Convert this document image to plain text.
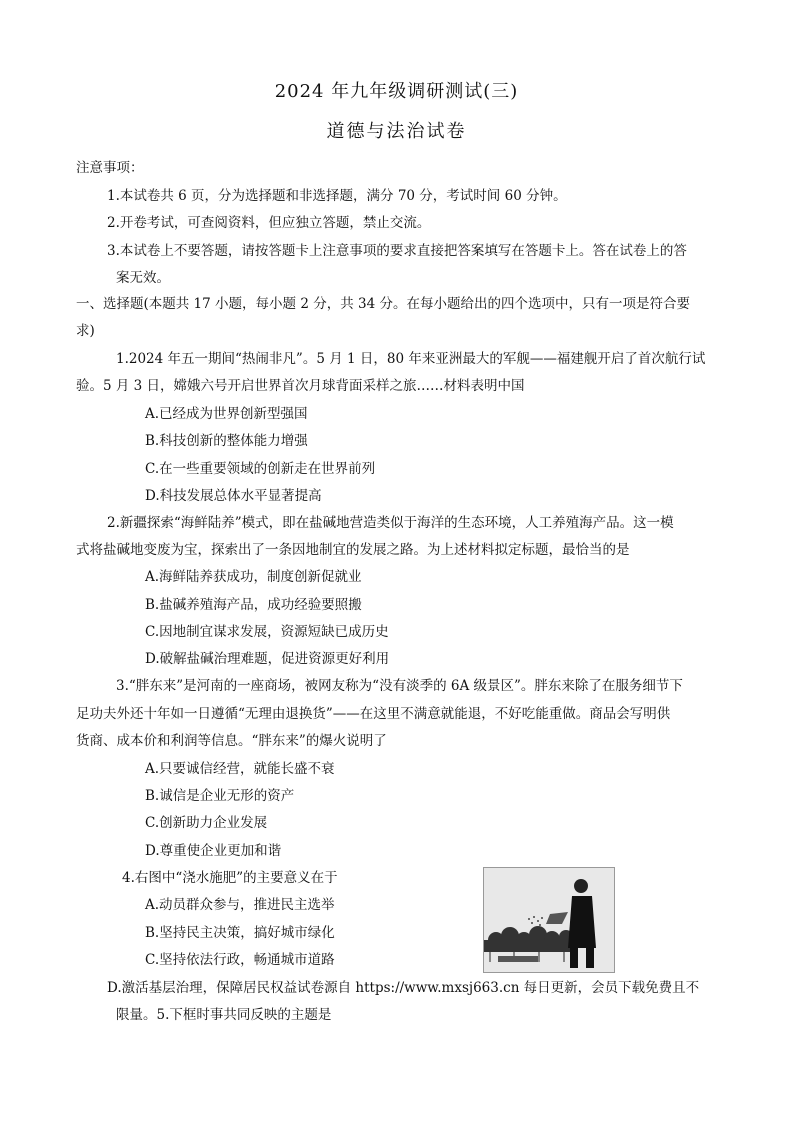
2024 年九年级调研测试(三)
道德与法治试卷
注意事项：
1.本试卷共 6 页，分为选择题和非选择题，满分 70 分，考试时间 60 分钟。
2.开卷考试，可查阅资料，但应独立答题，禁止交流。
3.本试卷上不要答题，请按答题卡上注意事项的要求直接把答案填写在答题卡上。答在试卷上的答
案无效。
一、选择题(本题共 17 小题，每小题 2 分，共 34 分。在每小题给出的四个选项中，只有一项是符合要
求)
1.2024 年五一期间“热闹非凡”。5 月 1 日，80 年来亚洲最大的军舰——福建舰开启了首次航行试
验。5 月 3 日，嫦娥六号开启世界首次月球背面采样之旅……材料表明中国
A.已经成为世界创新型强国
B.科技创新的整体能力增强
C.在一些重要领域的创新走在世界前列
D.科技发展总体水平显著提高
2.新疆探索“海鲜陆养”模式，即在盐碱地营造类似于海洋的生态环境，人工养殖海产品。这一模
式将盐碱地变废为宝，探索出了一条因地制宜的发展之路。为上述材料拟定标题，最恰当的是
A.海鲜陆养获成功，制度创新促就业
B.盐碱养殖海产品，成功经验要照搬
C.因地制宜谋求发展，资源短缺已成历史
D.破解盐碱治理难题，促进资源更好利用
3.“胖东来”是河南的一座商场，被网友称为“没有淡季的 6A 级景区”。胖东来除了在服务细节下
足功夫外还十年如一日遵循“无理由退换货”——在这里不满意就能退，不好吃能重做。商品会写明供
货商、成本价和利润等信息。“胖东来”的爆火说明了
A.只要诚信经营，就能长盛不衰
B.诚信是企业无形的资产
C.创新助力企业发展
D.尊重使企业更加和谐
4.右图中“浇水施肥”的主要意义在于
A.动员群众参与，推进民主选举
B.坚持民主决策，搞好城市绿化
C.坚持依法行政，畅通城市道路
D.激活基层治理，保障居民权益试卷源自 https://www.mxsj663.cn 每日更新，会员下载免费且不
限量。5.下框时事共同反映的主题是
